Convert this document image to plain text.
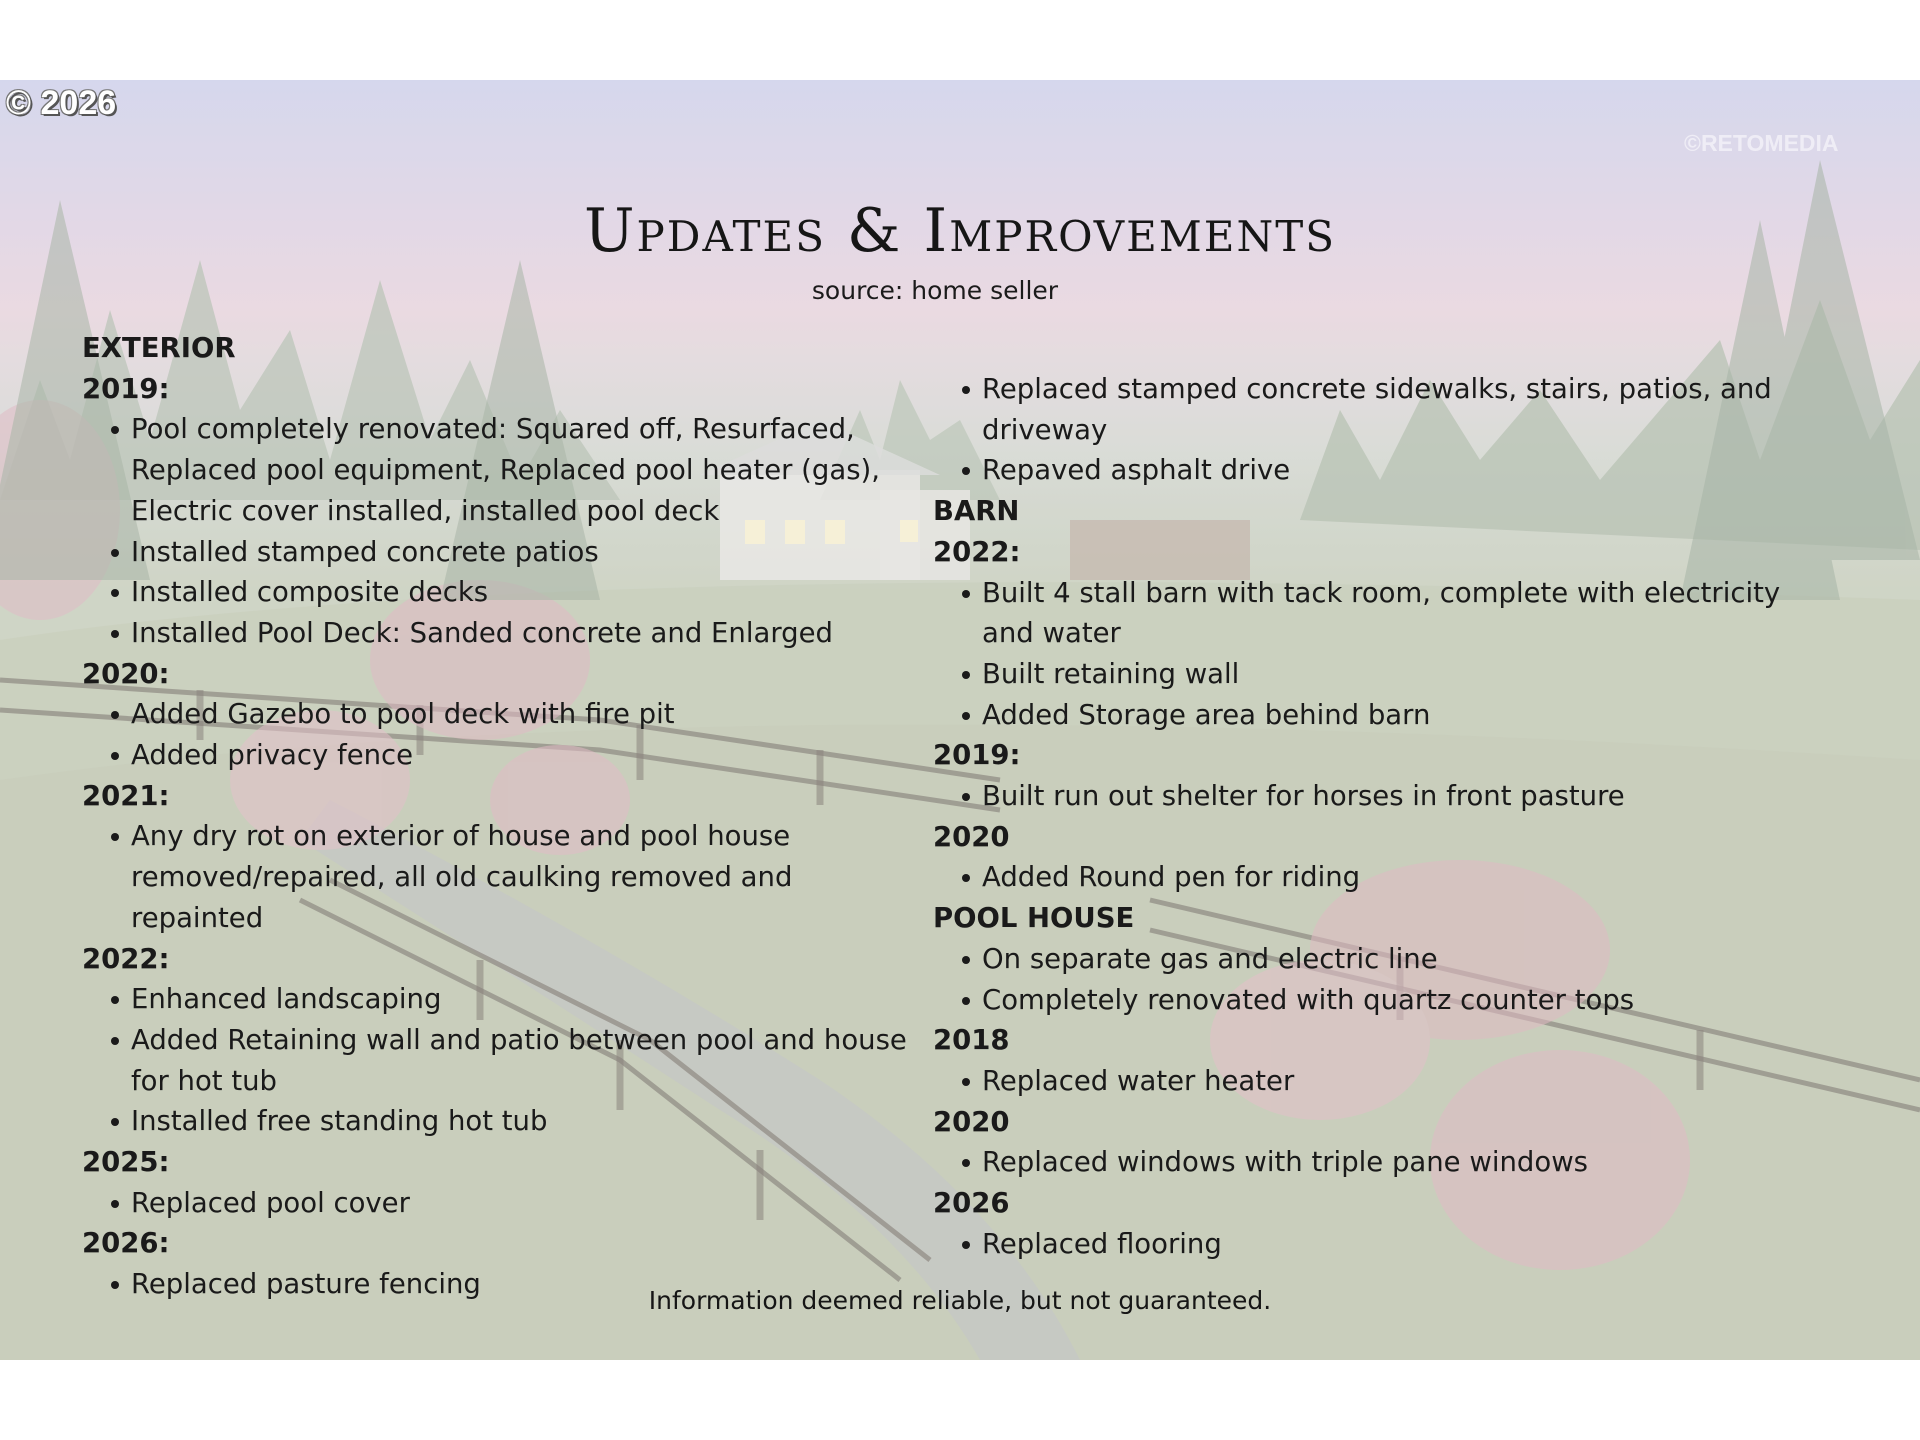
© 2026
©RETOMEDIA
Updates & Improvements
source: home seller
EXTERIOR
2019:
Pool completely renovated: Squared off, Resurfaced, Replaced pool equipment, Replaced pool heater (gas), Electric cover installed, installed pool deck
Installed stamped concrete patios
Installed composite decks
Installed Pool Deck: Sanded concrete and Enlarged
2020:
Added Gazebo to pool deck with fire pit
Added privacy fence
2021:
Any dry rot on exterior of house and pool house removed/repaired, all old caulking removed and repainted
2022:
Enhanced landscaping
Added Retaining wall and patio between pool and house for hot tub
Installed free standing hot tub
2025:
Replaced pool cover
2026:
Replaced pasture fencing
Replaced stamped concrete sidewalks, stairs, patios, and driveway
Repaved asphalt drive
BARN
2022:
Built 4 stall barn with tack room, complete with electricity and water
Built retaining wall
Added Storage area behind barn
2019:
Built run out shelter for horses in front pasture
2020
Added Round pen for riding
POOL HOUSE
On separate gas and electric line
Completely renovated with quartz counter tops
2018
Replaced water heater
2020
Replaced windows with triple pane windows
2026
Replaced flooring
Information deemed reliable, but not guaranteed.
